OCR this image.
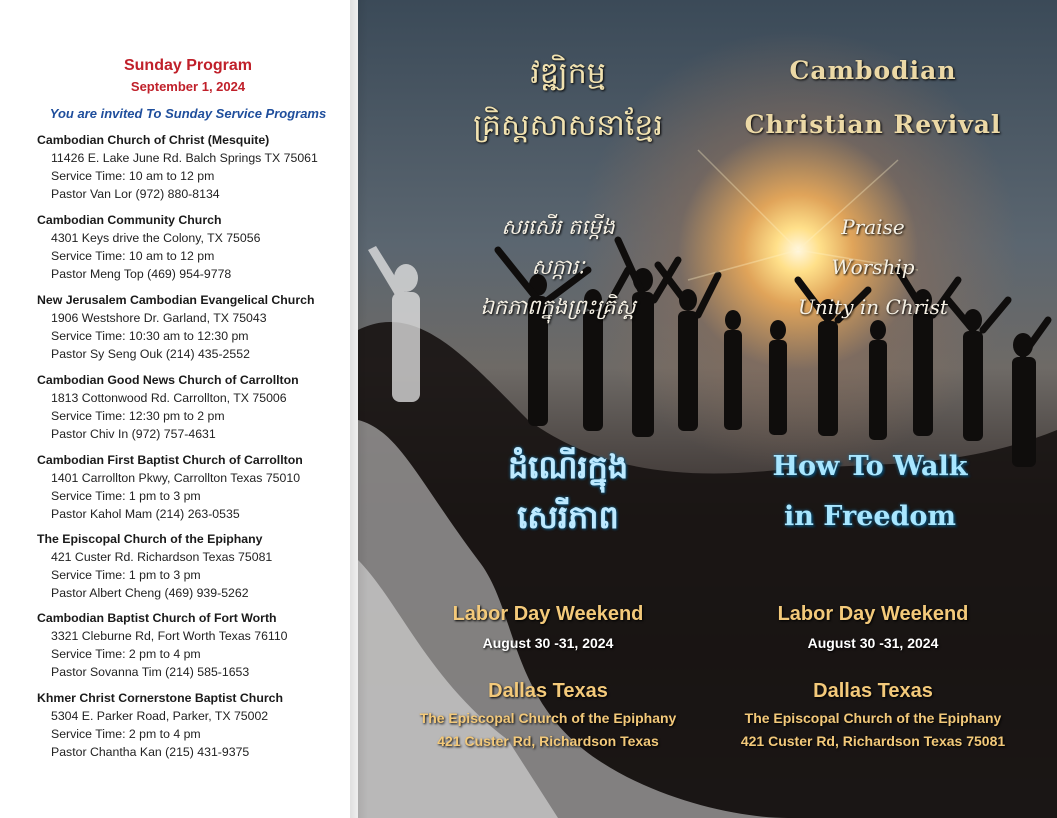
Sunday Program
September 1, 2024
You are invited To Sunday Service Programs
Cambodian Church of Christ (Mesquite)
11426 E. Lake June Rd. Balch Springs TX 75061
Service Time: 10 am to 12 pm
Pastor Van Lor (972) 880-8134
Cambodian Community Church
4301 Keys drive the Colony, TX 75056
Service Time: 10 am to 12 pm
Pastor Meng Top (469) 954-9778
New Jerusalem Cambodian Evangelical Church
1906 Westshore Dr. Garland, TX 75043
Service Time: 10:30 am to 12:30 pm
Pastor Sy Seng Ouk (214) 435-2552
Cambodian Good News Church of Carrollton
1813 Cottonwood Rd. Carrollton, TX 75006
Service Time: 12:30 pm to 2 pm
Pastor Chiv In (972) 757-4631
Cambodian First Baptist Church of Carrollton
1401 Carrollton Pkwy, Carrollton Texas 75010
Service Time: 1 pm to 3 pm
Pastor Kahol Mam (214) 263-0535
The Episcopal Church of the Epiphany
421 Custer Rd. Richardson Texas 75081
Service Time: 1 pm to 3 pm
Pastor Albert Cheng (469) 939-5262
Cambodian Baptist Church of Fort Worth
3321 Cleburne Rd, Fort Worth Texas 76110
Service Time: 2 pm to 4 pm
Pastor Sovanna Tim (214) 585-1653
Khmer Christ Cornerstone Baptist Church
5304 E. Parker Road, Parker, TX 75002
Service Time: 2 pm to 4 pm
Pastor Chantha Kan (215) 431-9375
វឌ្ឍិកម្ម
គ្រិស្តសាសនាខ្មែរ
Cambodian
Christian Revival
សរសើរ តម្កើង
សក្ការៈ
ឯកភាពក្នុងព្រះគ្រិស្ត
Praise
Worship
Unity in Christ
ដំណើរក្នុង
សេរីភាព
How To Walk
in Freedom
Labor Day Weekend
August 30 -31, 2024
Dallas Texas
The Episcopal Church of the Epiphany
421 Custer Rd, Richardson Texas
Labor Day Weekend
August 30 -31, 2024
Dallas Texas
The Episcopal Church of the Epiphany
421 Custer Rd, Richardson Texas 75081
